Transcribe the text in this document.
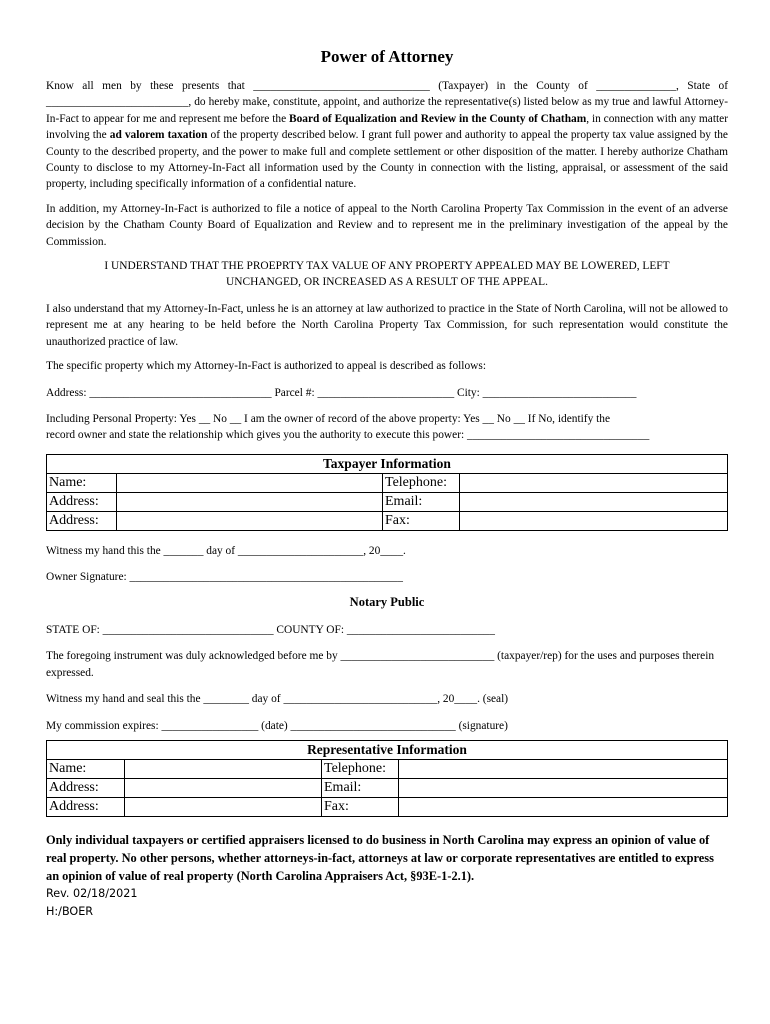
Power of Attorney

Know all men by these presents that _______________________________ (Taxpayer) in the County of ______________, State of _________________________, do hereby make, constitute, appoint, and authorize the representative(s) listed below as my true and lawful Attorney-In-Fact to appear for me and represent me before the Board of Equalization and Review in the County of Chatham, in connection with any matter involving the ad valorem taxation of the property described below. I grant full power and authority to appeal the property tax value assigned by the County to the described property, and the power to make full and complete settlement or other disposition of the matter. I hereby authorize Chatham County to disclose to my Attorney-In-Fact all information used by the County in connection with the listing, appraisal, or assessment of the said property, including specifically information of a confidential nature.

In addition, my Attorney-In-Fact is authorized to file a notice of appeal to the North Carolina Property Tax Commission in the event of an adverse decision by the Chatham County Board of Equalization and Review and to represent me in the preliminary investigation of the appeal by the Commission.

I UNDERSTAND THAT THE PROEPRTY TAX VALUE OF ANY PROPERTY APPEALED MAY BE LOWERED, LEFT
UNCHANGED, OR INCREASED AS A RESULT OF THE APPEAL.

I also understand that my Attorney-In-Fact, unless he is an attorney at law authorized to practice in the State of North Carolina, will not be allowed to represent me at any hearing to be held before the North Carolina Property Tax Commission, for such representation would constitute the unauthorized practice of law.

The specific property which my Attorney-In-Fact is authorized to appeal is described as follows:

Address: ________________________________ Parcel #: ________________________ City: ___________________________
Including Personal Property: Yes __ No __ I am the owner of record of the above property: Yes __ No __ If No, identify the
record owner and state the relationship which gives you the authority to execute this power: ________________________________
Taxpayer Information			
Name:		Telephone:	
Address:		Email:	
Address:		Fax:	
Witness my hand this the _______ day of ______________________, 20____.
Owner Signature: ________________________________________________
Notary Public
STATE OF: ______________________________ COUNTY OF: __________________________

The foregoing instrument was duly acknowledged before me by ___________________________ (taxpayer/rep) for the uses and purposes therein expressed.

Witness my hand and seal this the ________ day of ___________________________, 20____. (seal)
My commission expires: _________________ (date) _____________________________ (signature)
Representative Information			
Name:		Telephone:	
Address:		Email:	
Address:		Fax:	

Only individual taxpayers or certified appraisers licensed to do business in North Carolina may express an opinion of value of real property. No other persons, whether attorneys-in-fact, attorneys at law or corporate representatives are entitled to express an opinion of value of real property (North Carolina Appraisers Act, §93E-1-2.1).

Rev. 02/18/2021
H:/BOER
